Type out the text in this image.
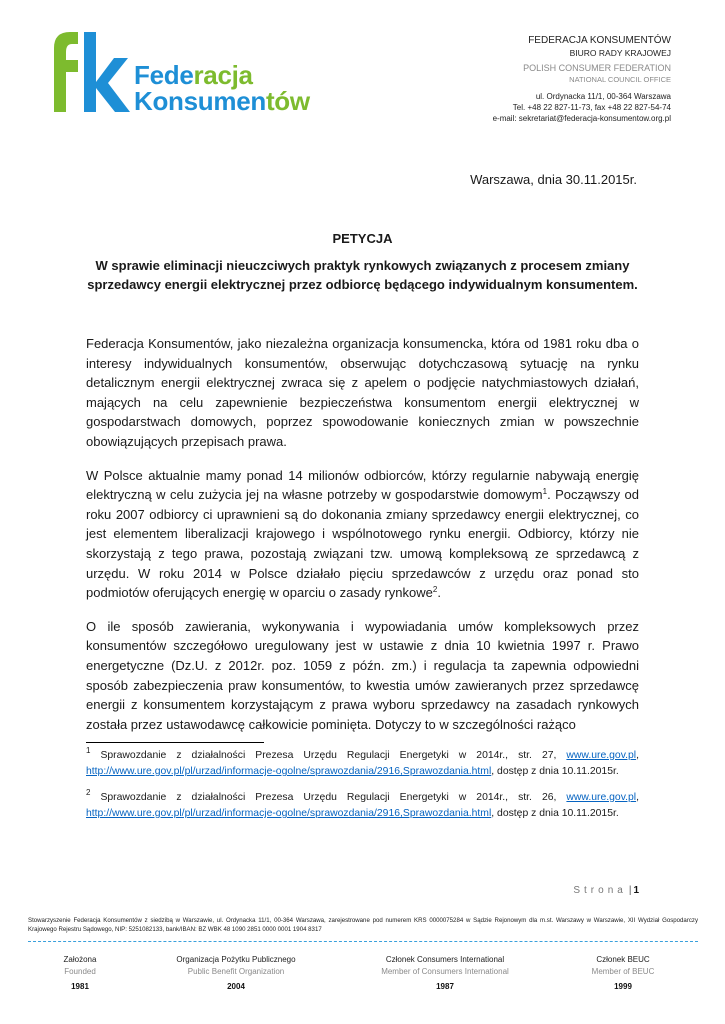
Federacja
Konsumentów
FEDERACJA KONSUMENTÓW
BIURO RADY KRAJOWEJ
POLISH CONSUMER FEDERATION
NATIONAL COUNCIL OFFICE
ul. Ordynacka 11/1, 00-364 Warszawa
Tel. +48 22 827-11-73, fax +48 22 827-54-74
e-mail: sekretariat@federacja-konsumentow.org.pl
Warszawa, dnia 30.11.2015r.
PETYCJA
W sprawie eliminacji nieuczciwych praktyk rynkowych związanych z procesem zmiany sprzedawcy energii elektrycznej przez odbiorcę będącego indywidualnym konsumentem.

Federacja Konsumentów, jako niezależna organizacja konsumencka, która od 1981 roku dba o interesy indywidualnych konsumentów, obserwując dotychczasową sytuację na rynku detalicznym energii elektrycznej zwraca się z apelem o podjęcie natychmiastowych działań, mających na celu zapewnienie bezpieczeństwa konsumentom energii elektrycznej w gospodarstwach domowych, poprzez spowodowanie koniecznych zmian w powszechnie obowiązujących przepisach prawa.

W Polsce aktualnie mamy ponad 14 milionów odbiorców, którzy regularnie nabywają energię elektryczną w celu zużycia jej na własne potrzeby w gospodarstwie domowym$^1$. Począwszy od roku 2007 odbiorcy ci uprawnieni są do dokonania zmiany sprzedawcy energii elektrycznej, co jest elementem liberalizacji krajowego i wspólnotowego rynku energii. Odbiorcy, którzy nie skorzystają z tego prawa, pozostają związani tzw. umową kompleksową ze sprzedawcą z urzędu. W roku 2014 w Polsce działało pięciu sprzedawców z urzędu oraz ponad sto podmiotów oferujących energię w oparciu o zasady rynkowe$^2$.

O ile sposób zawierania, wykonywania i wypowiadania umów kompleksowych przez konsumentów szczegółowo uregulowany jest w ustawie z dnia 10 kwietnia 1997 r. Prawo energetyczne (Dz.U. z 2012r. poz. 1059 z późn. zm.) i regulacja ta zapewnia odpowiedni sposób zabezpieczenia praw konsumentów, to kwestia umów zawieranych przez sprzedawcę energii z konsumentem korzystającym z prawa wyboru sprzedawcy na zasadach rynkowych została przez ustawodawcę całkowicie pominięta. Dotyczy to w szczególności rażąco

$^1$ Sprawozdanie z działalności Prezesa Urzędu Regulacji Energetyki w 2014r., str. 27, www.ure.gov.pl, http://www.ure.gov.pl/pl/urzad/informacje-ogolne/sprawozdania/2916,Sprawozdania.html, dostęp z dnia 10.11.2015r.

$^2$ Sprawozdanie z działalności Prezesa Urzędu Regulacji Energetyki w 2014r., str. 26, www.ure.gov.pl, http://www.ure.gov.pl/pl/urzad/informacje-ogolne/sprawozdania/2916,Sprawozdania.html, dostęp z dnia 10.11.2015r.

Strona | 1
Stowarzyszenie Federacja Konsumentów z siedzibą w Warszawie, ul. Ordynacka 11/1, 00-364 Warszawa, zarejestrowane pod numerem KRS 0000075284 w Sądzie Rejonowym dla m.st. Warszawy w Warszawie, XII Wydział Gospodarczy Krajowego Rejestru Sądowego, NIP: 5251082133, bank/IBAN: BZ WBK 48 1090 2851 0000 0001 1904 8317
Założona
Founded
1981
Organizacja Pożytku Publicznego
Public Benefit Organization
2004
Członek Consumers International
Member of Consumers International
1987
Członek BEUC
Member of BEUC
1999
